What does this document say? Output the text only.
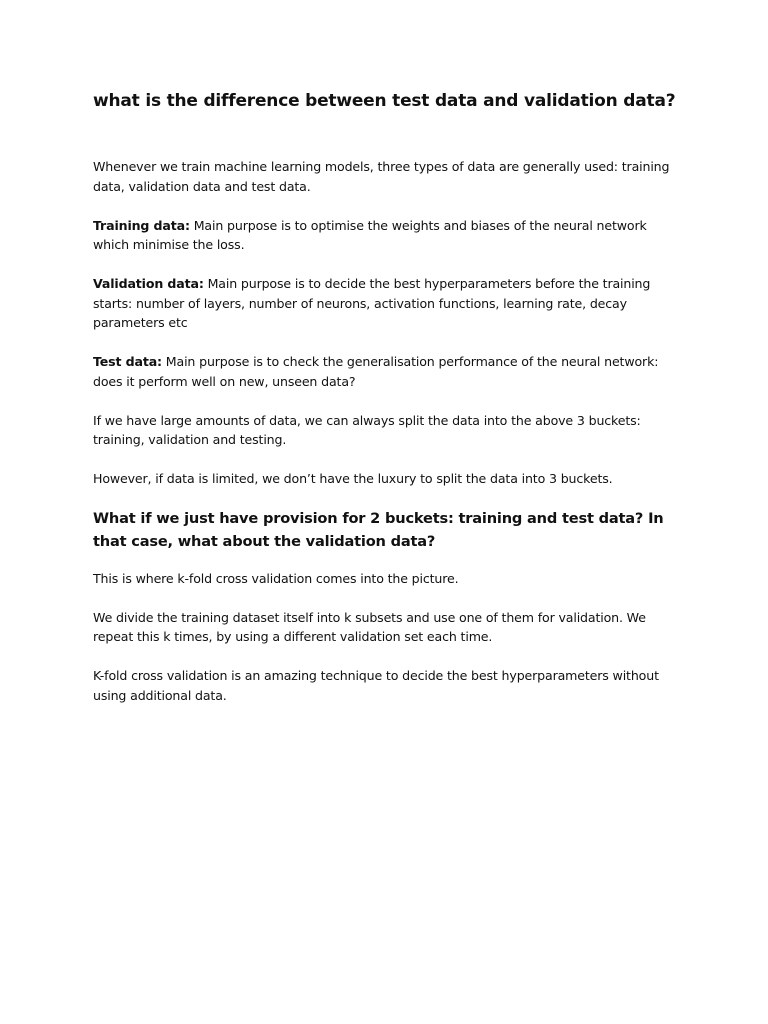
what is the difference between test data and validation data?

Whenever we train machine learning models, three types of data are generally used: training data, validation data and test data.

Training data: Main purpose is to optimise the weights and biases of the neural network which minimise the loss.

Validation data: Main purpose is to decide the best hyperparameters before the training starts: number of layers, number of neurons, activation functions, learning rate, decay parameters etc

Test data: Main purpose is to check the generalisation performance of the neural network: does it perform well on new, unseen data?

If we have large amounts of data, we can always split the data into the above 3 buckets: training, validation and testing.

However, if data is limited, we don’t have the luxury to split the data into 3 buckets.

What if we just have provision for 2 buckets: training and test data? In that case, what about the validation data?

This is where k-fold cross validation comes into the picture.

We divide the training dataset itself into k subsets and use one of them for validation. We repeat this k times, by using a different validation set each time.

K-fold cross validation is an amazing technique to decide the best hyperparameters without using additional data.
